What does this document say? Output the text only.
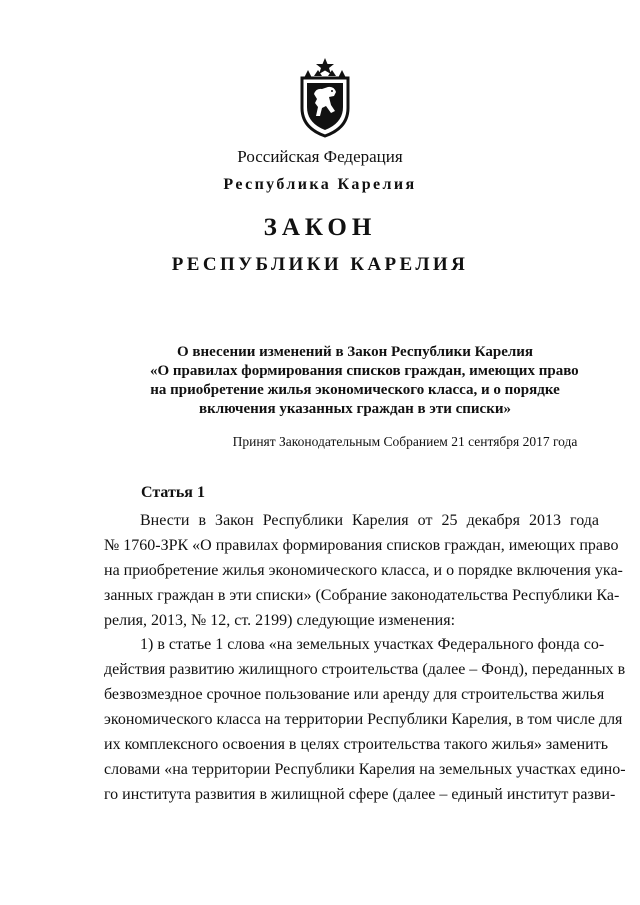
Российская Федерация
Республика Карелия
ЗАКОН
РЕСПУБЛИКИ КАРЕЛИЯ
О внесении изменений в Закон Республики Карелия
«О правилах формирования списков граждан, имеющих право
на приобретение жилья экономического класса, и о порядке
включения указанных граждан в эти списки»
Принят Законодательным Собранием 21 сентября 2017 года
Статья 1
Внести в Закон Республики Карелия от 25 декабря 2013 года
№ 1760-ЗРК «О правилах формирования списков граждан, имеющих право
на приобретение жилья экономического класса, и о порядке включения ука-
занных граждан в эти списки» (Собрание законодательства Республики Ка-
релия, 2013, № 12, ст. 2199) следующие изменения:
1) в статье 1 слова «на земельных участках Федерального фонда со-
действия развитию жилищного строительства (далее – Фонд), переданных в
безвозмездное срочное пользование или аренду для строительства жилья
экономического класса на территории Республики Карелия, в том числе для
их комплексного освоения в целях строительства такого жилья» заменить
словами «на территории Республики Карелия на земельных участках едино-
го института развития в жилищной сфере (далее – единый институт разви-
